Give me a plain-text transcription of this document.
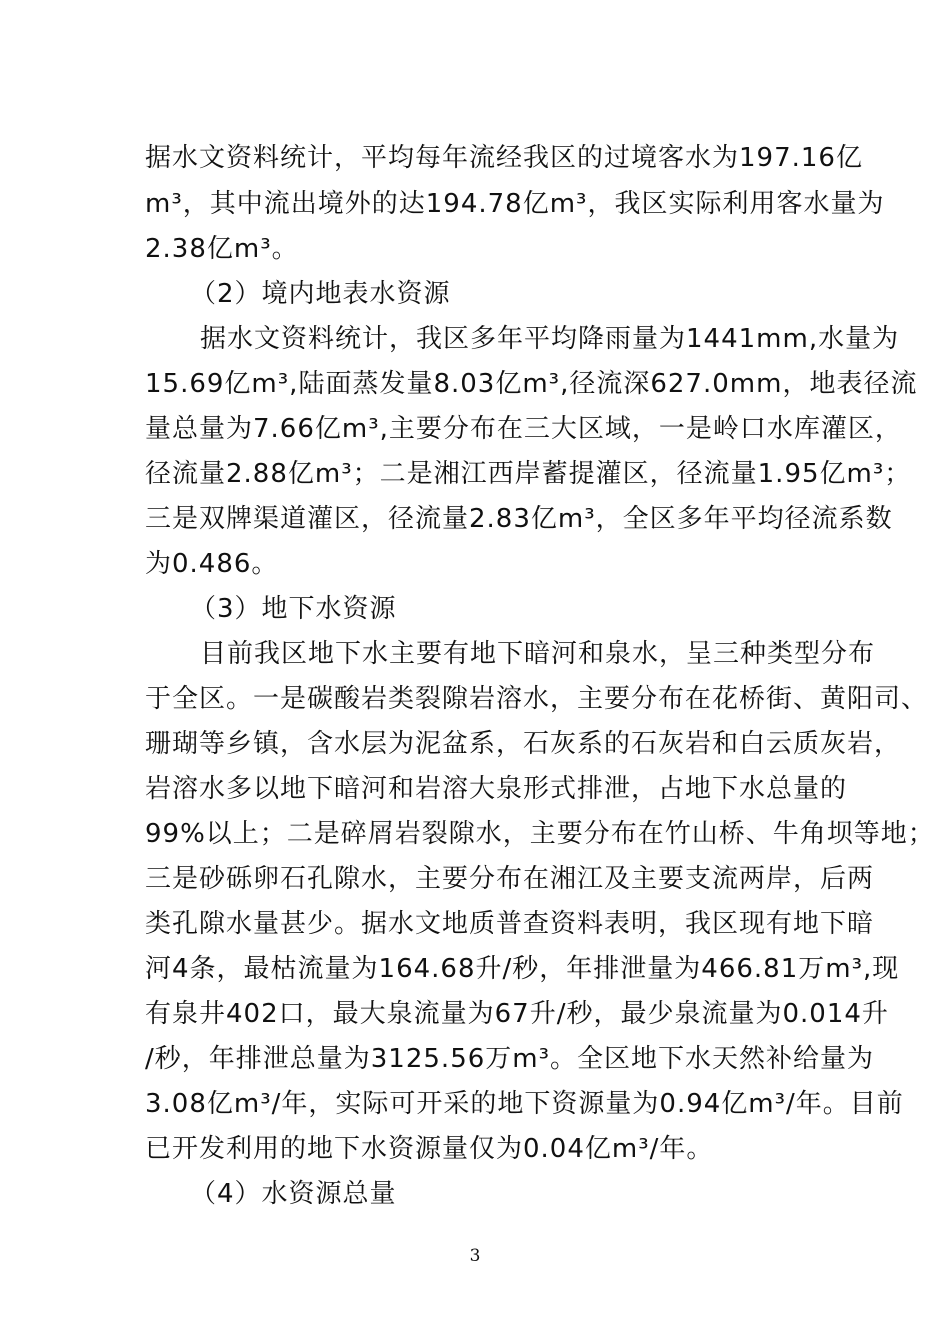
据水文资料统计，平均每年流经我区的过境客水为197.16亿
m³，其中流出境外的达194.78亿m³，我区实际利用客水量为
2.38亿m³。
（2）境内地表水资源
据水文资料统计，我区多年平均降雨量为1441mm,水量为
15.69亿m³,陆面蒸发量8.03亿m³,径流深627.0mm，地表径流
量总量为7.66亿m³,主要分布在三大区域，一是岭口水库灌区，
径流量2.88亿m³；二是湘江西岸蓄提灌区，径流量1.95亿m³；
三是双牌渠道灌区，径流量2.83亿m³，全区多年平均径流系数
为0.486。
（3）地下水资源
目前我区地下水主要有地下暗河和泉水，呈三种类型分布
于全区。一是碳酸岩类裂隙岩溶水，主要分布在花桥街、黄阳司、
珊瑚等乡镇，含水层为泥盆系，石灰系的石灰岩和白云质灰岩，
岩溶水多以地下暗河和岩溶大泉形式排泄，占地下水总量的
99%以上；二是碎屑岩裂隙水，主要分布在竹山桥、牛角坝等地；
三是砂砾卵石孔隙水，主要分布在湘江及主要支流两岸，后两
类孔隙水量甚少。据水文地质普查资料表明，我区现有地下暗
河4条，最枯流量为164.68升/秒，年排泄量为466.81万m³,现
有泉井402口，最大泉流量为67升/秒，最少泉流量为0.014升
/秒，年排泄总量为3125.56万m³。全区地下水天然补给量为
3.08亿m³/年，实际可开采的地下资源量为0.94亿m³/年。目前
已开发利用的地下水资源量仅为0.04亿m³/年。
（4）水资源总量
3
